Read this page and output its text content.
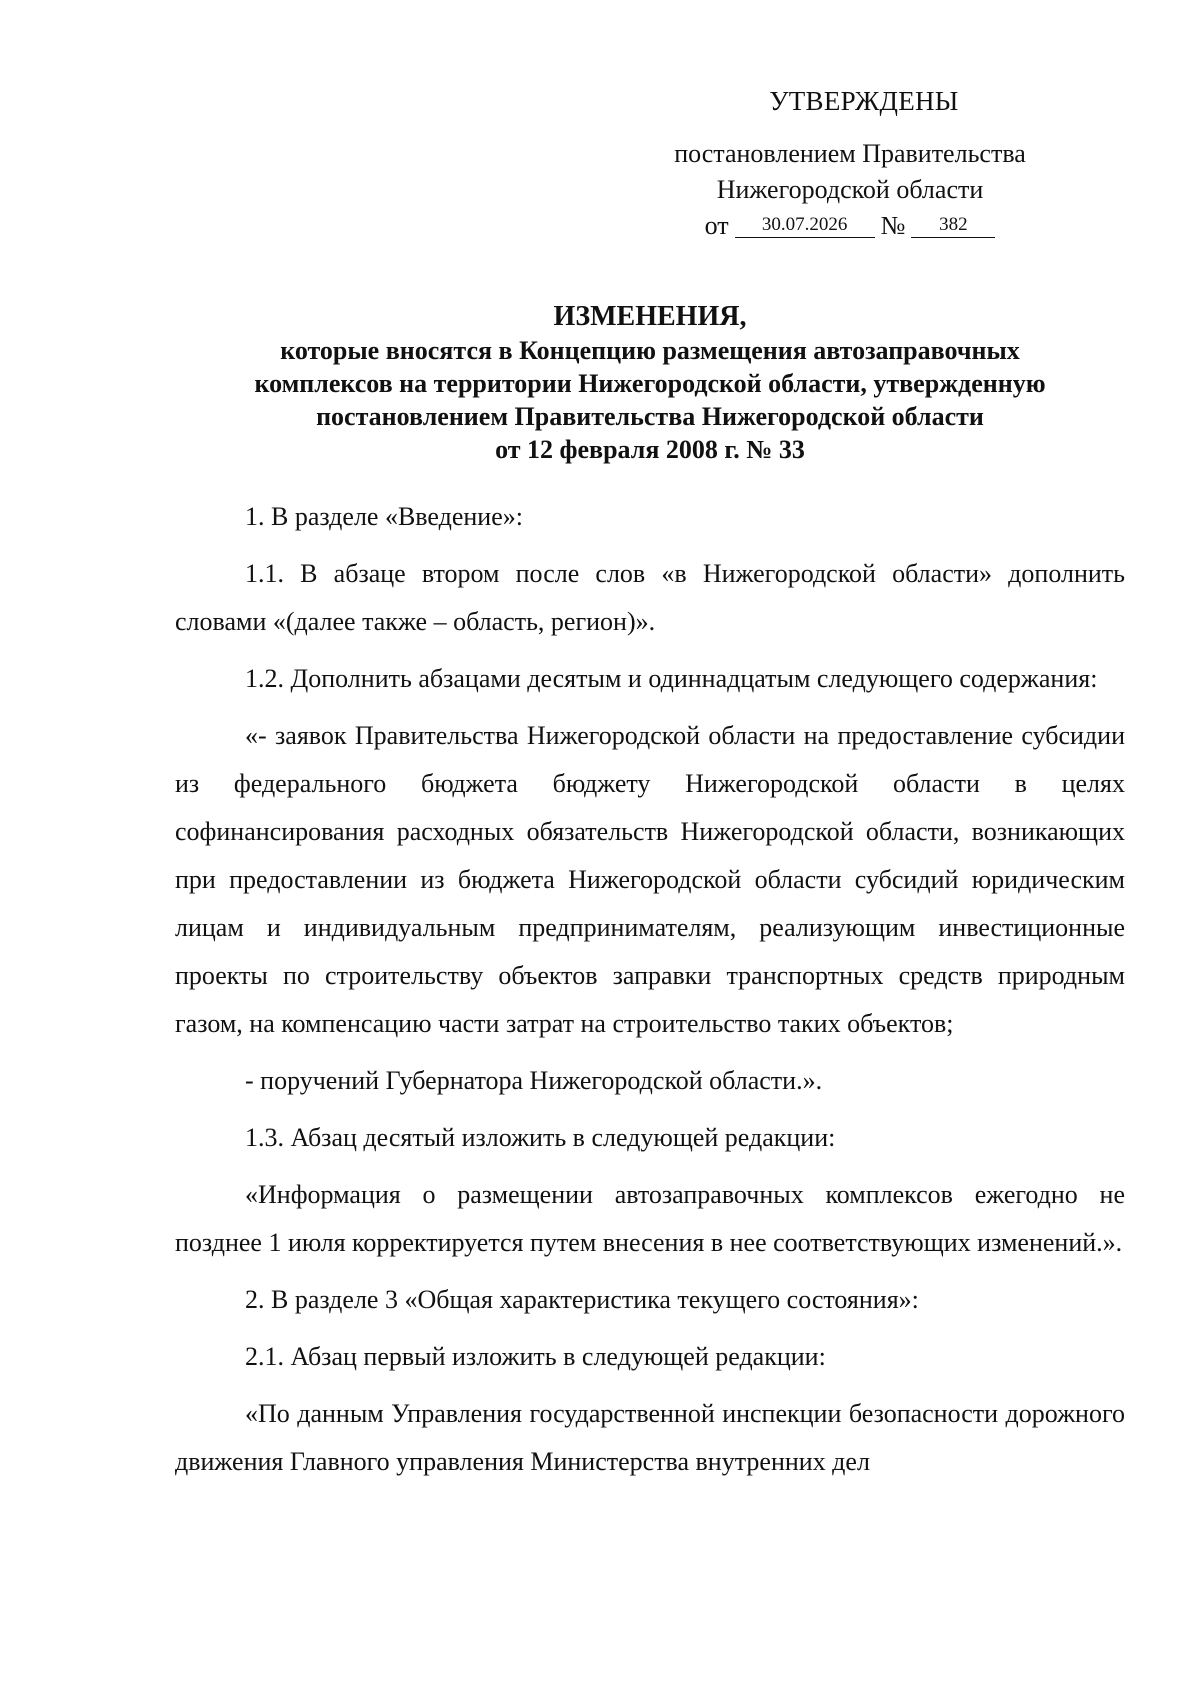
УТВЕРЖДЕНЫ
постановлением Правительства
Нижегородской области
от	30.07.2026	№	382
ИЗМЕНЕНИЯ,
которые вносятся в Концепцию размещения автозаправочных
комплексов на территории Нижегородской области, утвержденную
постановлением Правительства Нижегородской области
от 12 февраля 2008 г. № 33

1. В разделе «Введение»:

1.1. В абзаце втором после слов «в Нижегородской области» дополнить словами «(далее также – область, регион)».

1.2. Дополнить абзацами десятым и одиннадцатым следующего содержания:

«- заявок Правительства Нижегородской области на предоставление субсидии из федерального бюджета бюджету Нижегородской области в целях софинансирования расходных обязательств Нижегородской области, возникающих при предоставлении из бюджета Нижегородской области субсидий юридическим лицам и индивидуальным предпринимателям, реализующим инвестиционные проекты по строительству объектов заправки транспортных средств природным газом, на компенсацию части затрат на строительство таких объектов;

- поручений Губернатора Нижегородской области.».

1.3. Абзац десятый изложить в следующей редакции:

«Информация о размещении автозаправочных комплексов ежегодно не позднее 1 июля корректируется путем внесения в нее соответствующих изменений.».

2. В разделе 3 «Общая характеристика текущего состояния»:

2.1. Абзац первый изложить в следующей редакции:

«По данным Управления государственной инспекции безопасности дорожного движения Главного управления Министерства внутренних дел
